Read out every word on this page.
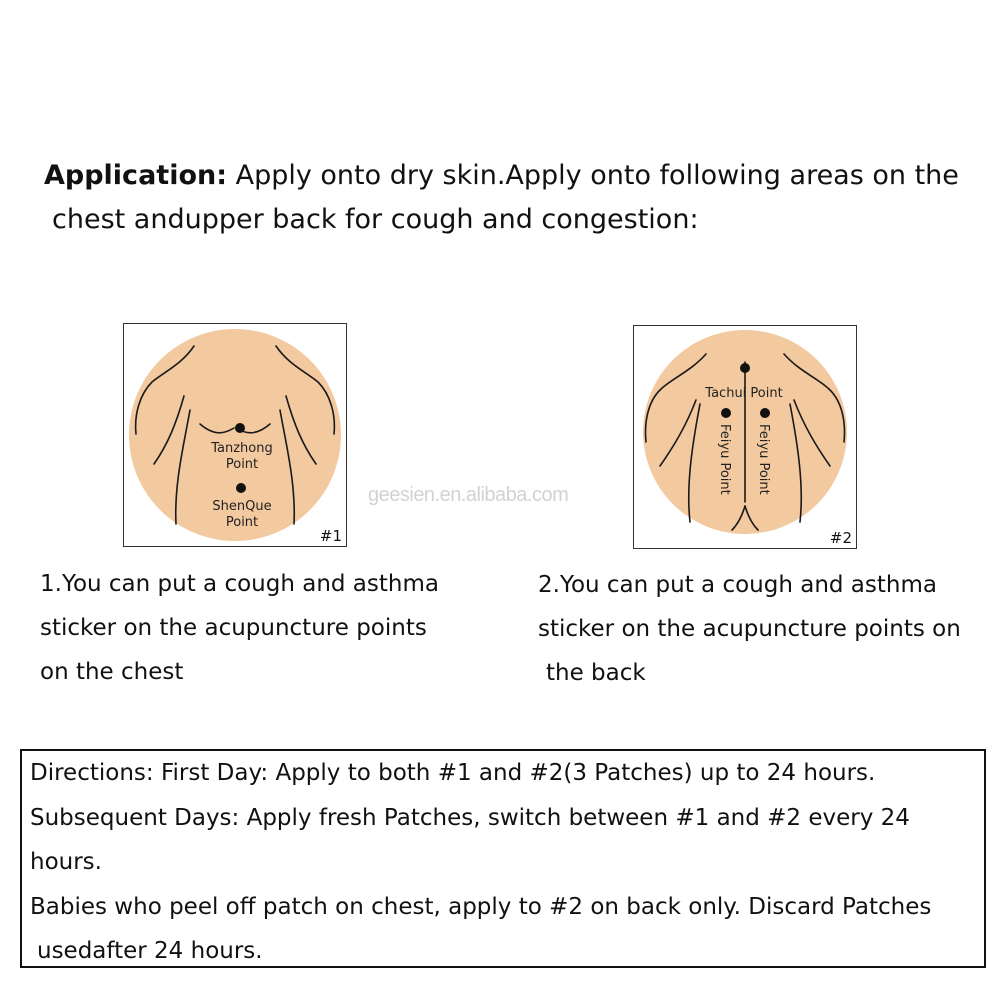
Application: Apply onto dry skin.Apply onto following areas on the
chest andupper back for cough and congestion:
Tanzhong
Point
ShenQue
Point
#1
Tachui Point
Feiyu Point Feiyu Point
#2
geesien.en.alibaba.com
1.You can put a cough and asthma
sticker on the acupuncture points
on the chest
2.You can put a cough and asthma
sticker on the acupuncture points on
the back
Directions: First Day: Apply to both #1 and #2(3 Patches) up to 24 hours.
Subsequent Days: Apply fresh Patches, switch between #1 and #2 every 24
hours.
Babies who peel off patch on chest, apply to #2 on back only. Discard Patches
usedafter 24 hours.
